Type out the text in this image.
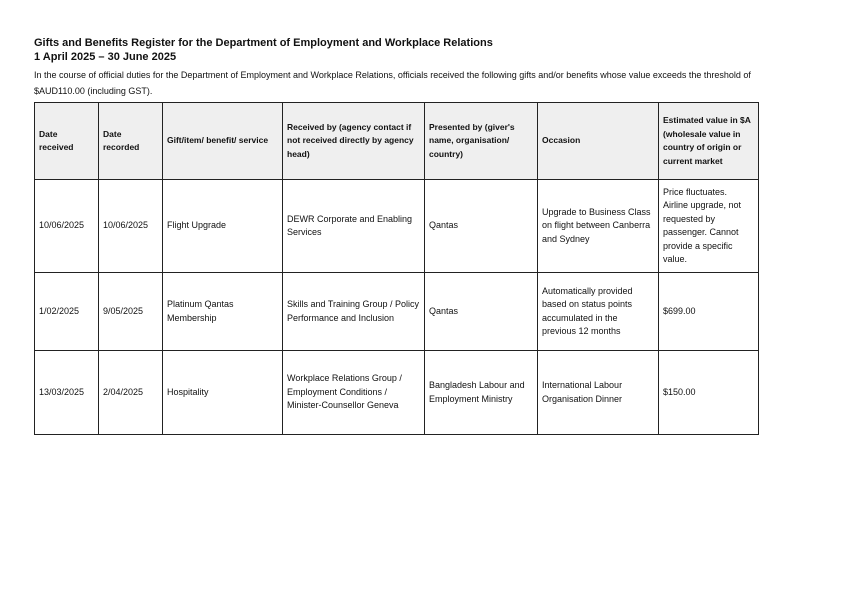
Gifts and Benefits Register for the Department of Employment and Workplace Relations

1 April 2025 – 30 June 2025

In the course of official duties for the Department of Employment and Workplace Relations, officials received the following gifts and/or benefits whose value exceeds the threshold of $AUD110.00 (including GST).

Date received	Date recorded	Gift/item/ benefit/ service	Received by (agency contact if not received directly by agency head)	Presented by (giver's name, organisation/ country)	Occasion	Estimated value in $A (wholesale value in country of origin or current market
10/06/2025	10/06/2025	Flight Upgrade	DEWR Corporate and Enabling Services	Qantas	Upgrade to Business Class on flight between Canberra and Sydney	Price fluctuates. Airline upgrade, not requested by passenger. Cannot provide a specific value.
1/02/2025	9/05/2025	Platinum Qantas Membership	Skills and Training Group / Policy Performance and Inclusion	Qantas	Automatically provided based on status points accumulated in the previous 12 months	$699.00
13/03/2025	2/04/2025	Hospitality	Workplace Relations Group / Employment Conditions / Minister-Counsellor Geneva	Bangladesh Labour and Employment Ministry	International Labour Organisation Dinner	$150.00
